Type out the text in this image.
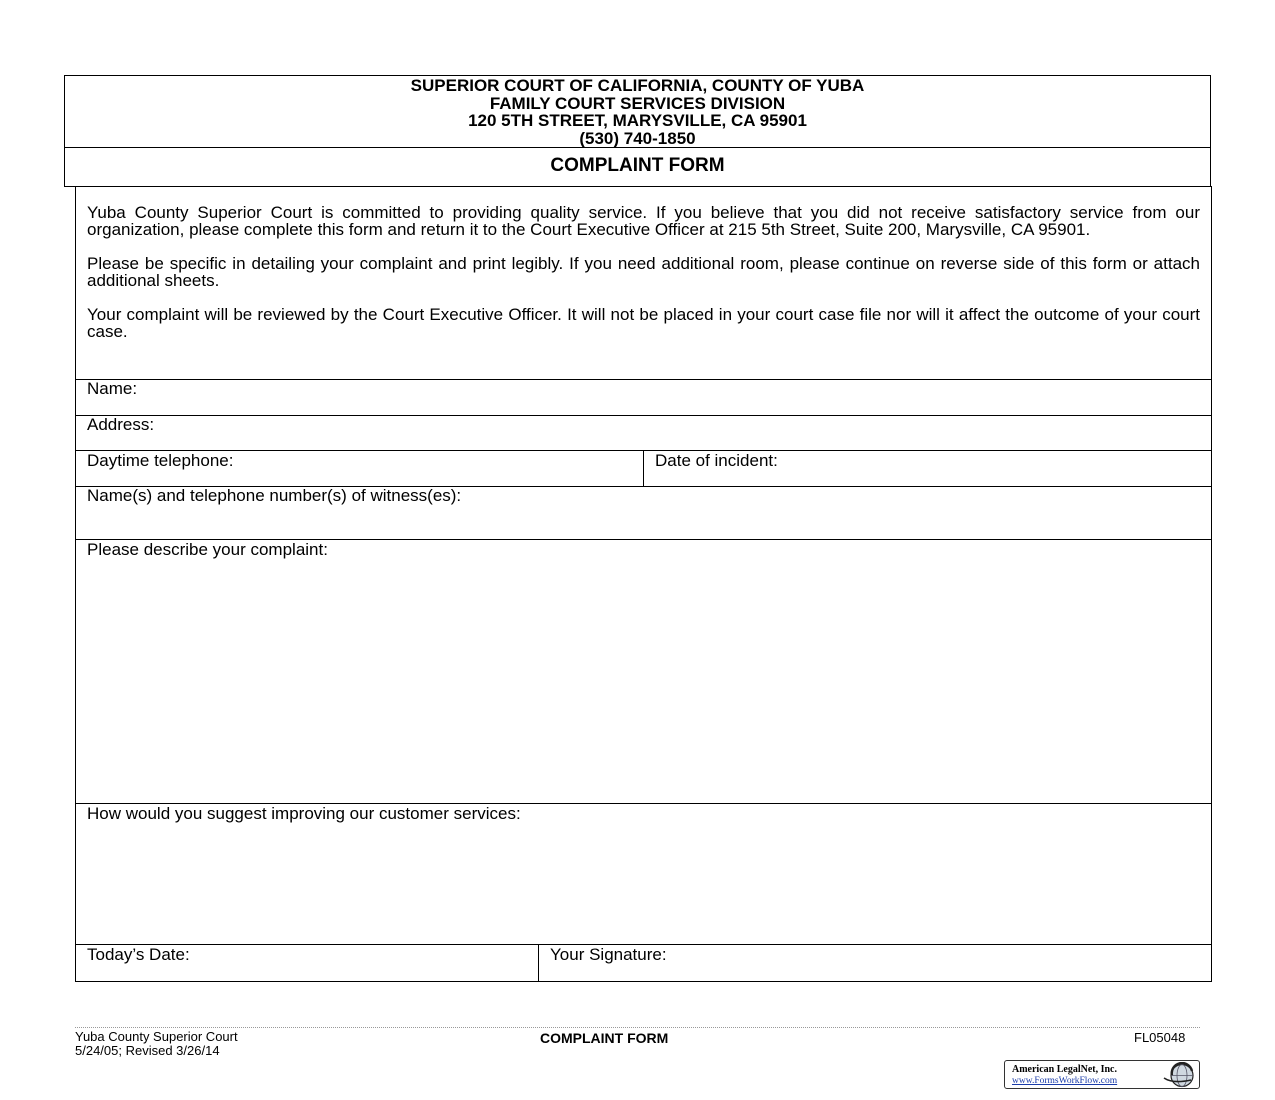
SUPERIOR COURT OF CALIFORNIA, COUNTY OF YUBA
FAMILY COURT SERVICES DIVISION
120 5TH STREET, MARYSVILLE, CA 95901
(530) 740-1850
COMPLAINT FORM

Yuba County Superior Court is committed to providing quality service. If you believe that you did not receive satisfactory service from our organization, please complete this form and return it to the Court Executive Officer at 215 5th Street, Suite 200, Marysville, CA 95901.

Please be specific in detailing your complaint and print legibly. If you need additional room, please continue on reverse side of this form or attach additional sheets.

Your complaint will be reviewed by the Court Executive Officer. It will not be placed in your court case file nor will it affect the outcome of your court case.

Name:
Address:
Daytime telephone:	Date of incident:
Name(s) and telephone number(s) of witness(es):
Please describe your complaint:
How would you suggest improving our customer services:
Today’s Date:	Your Signature:
Yuba County Superior Court
5/24/05; Revised 3/26/14
COMPLAINT FORM	FL05048
American LegalNet, Inc.
www.FormsWorkFlow.com
